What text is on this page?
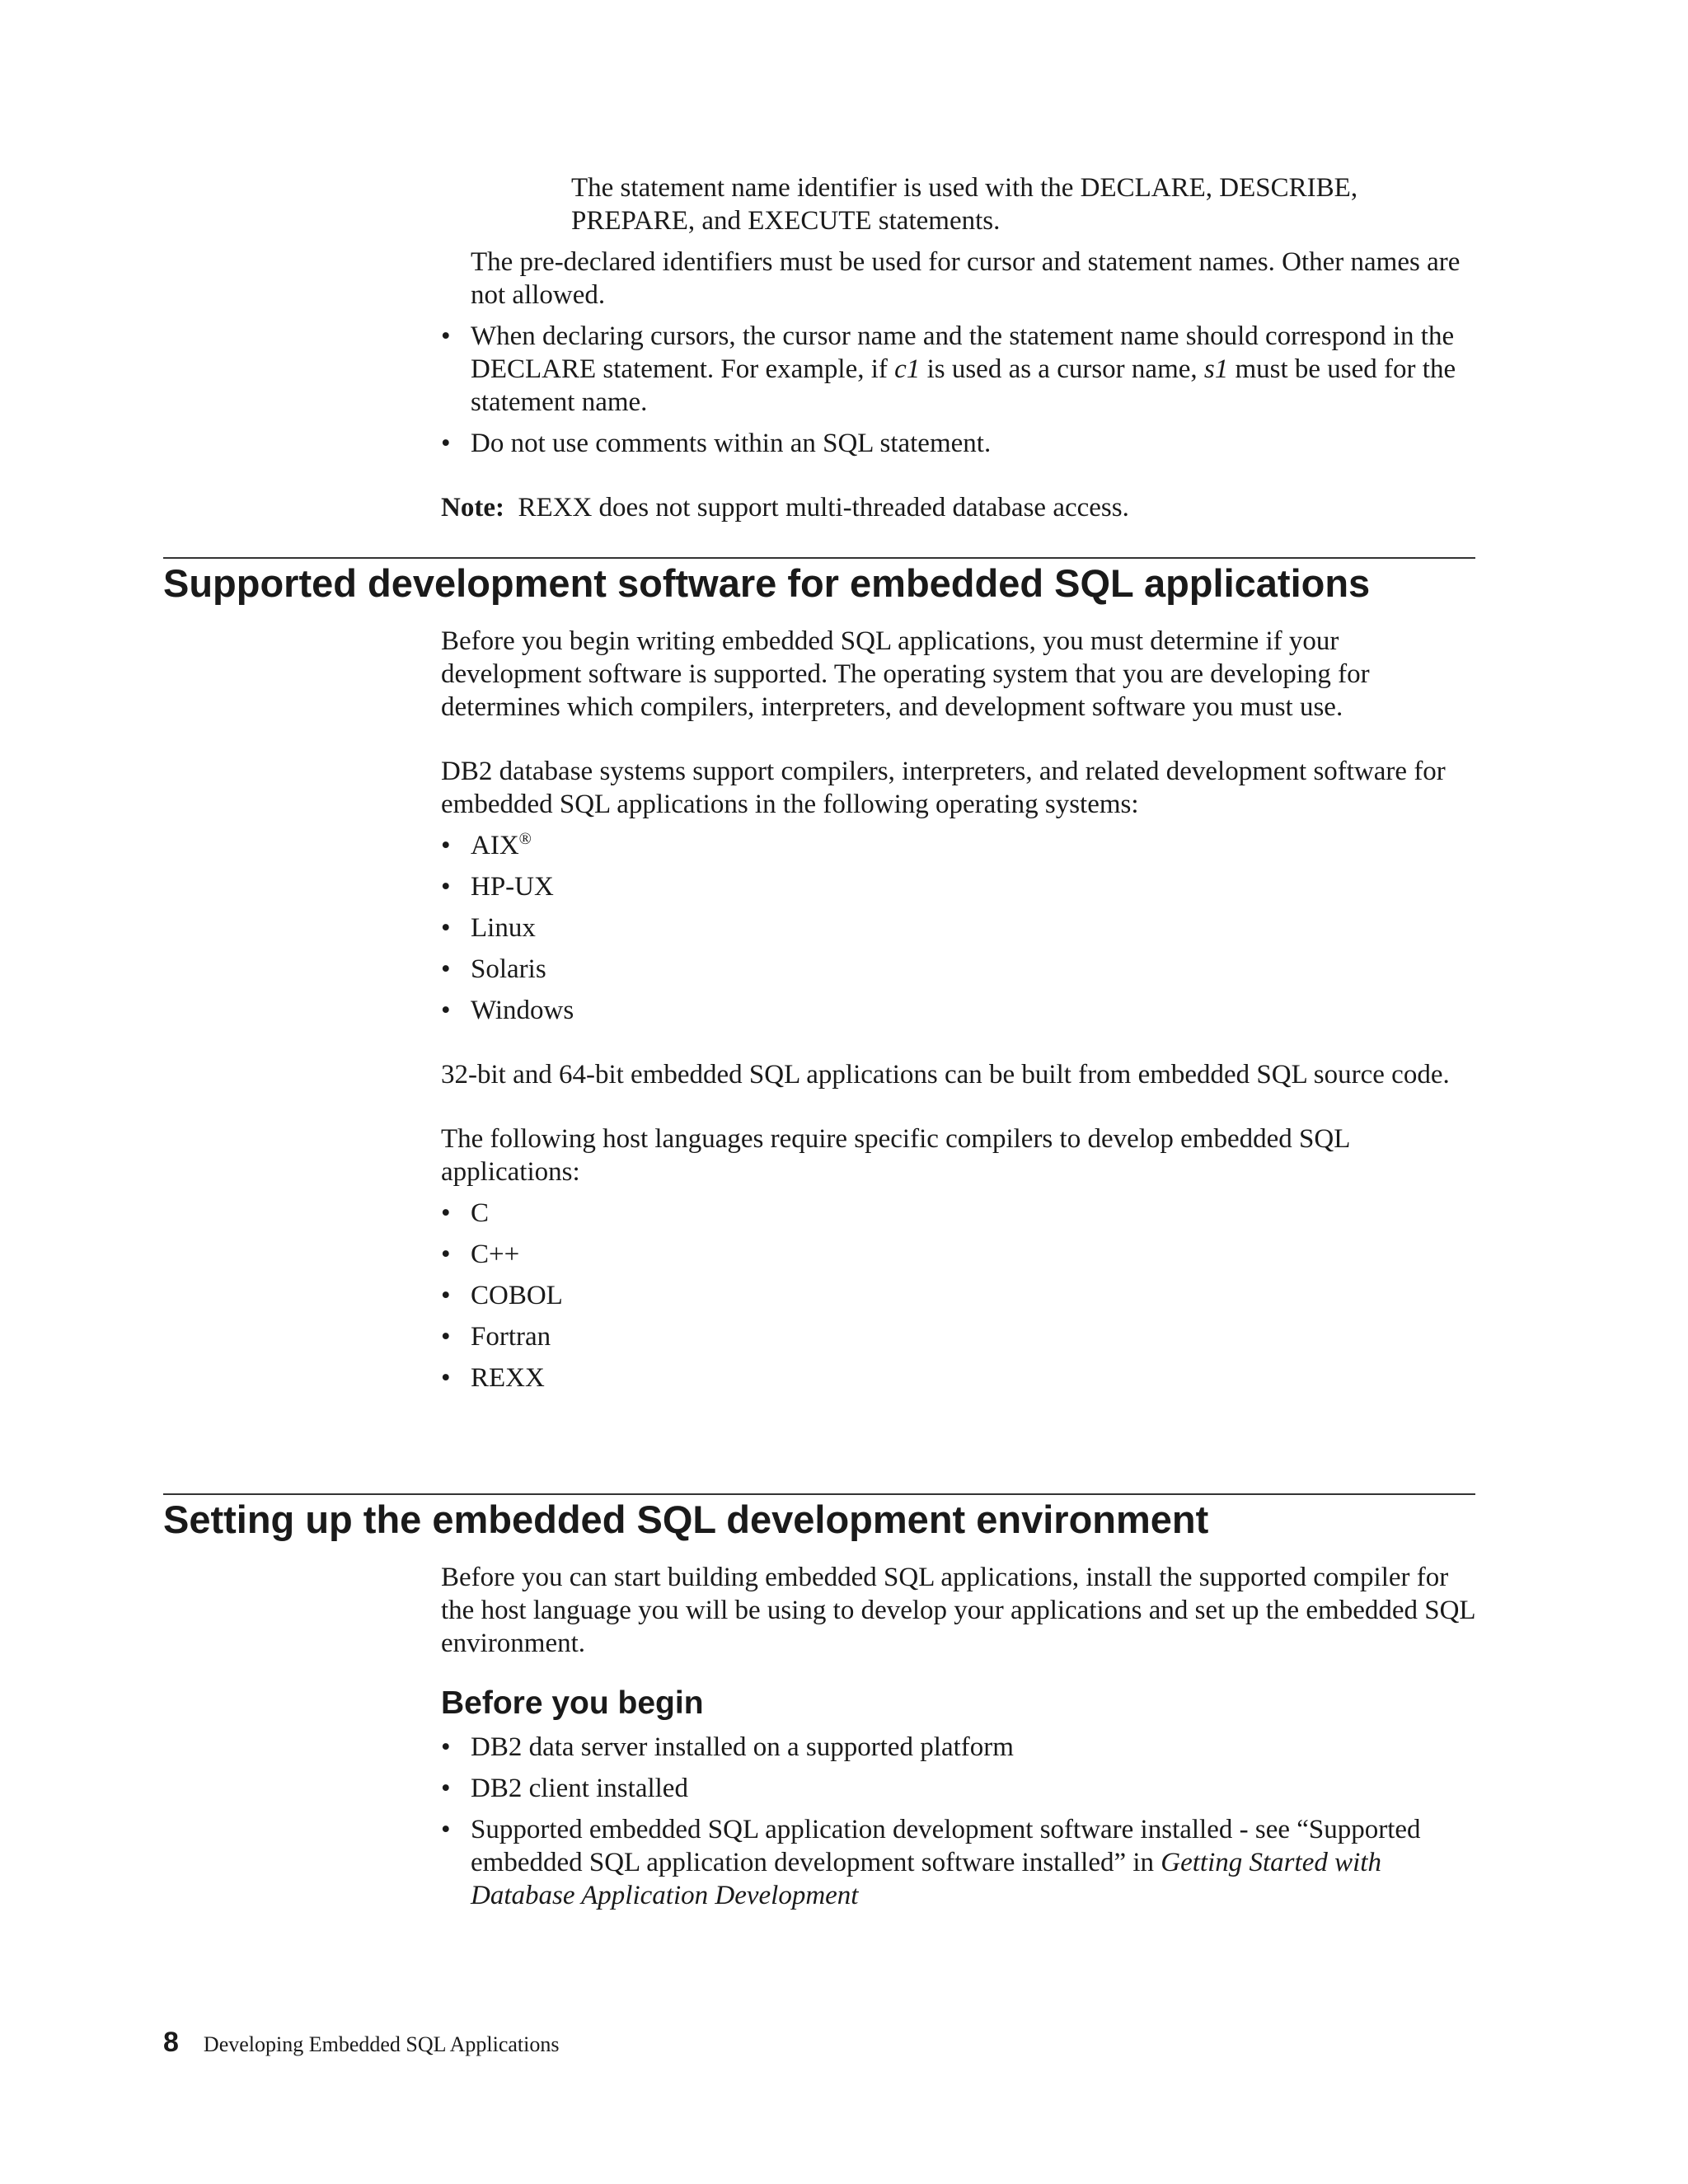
The statement name identifier is used with the DECLARE, DESCRIBE, PREPARE, and EXECUTE statements.

The pre-declared identifiers must be used for cursor and statement names. Other names are not allowed.

• When declaring cursors, the cursor name and the statement name should correspond in the DECLARE statement. For example, if c1 is used as a cursor name, s1 must be used for the statement name.
• Do not use comments within an SQL statement.

Note: REXX does not support multi-threaded database access.

Supported development software for embedded SQL applications

Before you begin writing embedded SQL applications, you must determine if your development software is supported. The operating system that you are developing for determines which compilers, interpreters, and development software you must use.

DB2 database systems support compilers, interpreters, and related development software for embedded SQL applications in the following operating systems:

• AIX®
• HP-UX
• Linux
• Solaris
• Windows

32-bit and 64-bit embedded SQL applications can be built from embedded SQL source code.

The following host languages require specific compilers to develop embedded SQL applications:

• C
• C++
• COBOL
• Fortran
• REXX
Setting up the embedded SQL development environment

Before you can start building embedded SQL applications, install the supported compiler for the host language you will be using to develop your applications and set up the embedded SQL environment.

Before you begin
• DB2 data server installed on a supported platform
• DB2 client installed
• Supported embedded SQL application development software installed - see “Supported embedded SQL application development software installed” in Getting Started with Database Application Development
8 Developing Embedded SQL Applications
